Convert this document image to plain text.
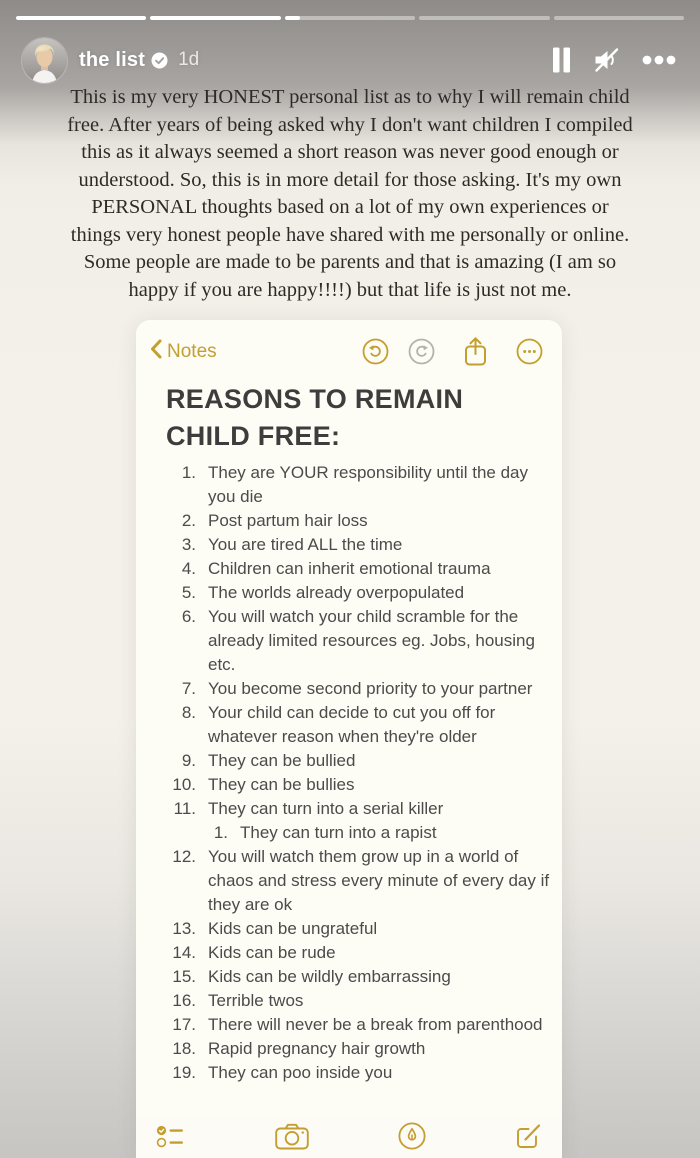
the list 1d
This is my very HONEST personal list as to why I will remain child free. After years of being asked why I don't want children I compiled this as it always seemed a short reason was never good enough or understood. So, this is in more detail for those asking. It's my own PERSONAL thoughts based on a lot of my own experiences or things very honest people have shared with me personally or online. Some people are made to be parents and that is amazing (I am so happy if you are happy!!!!) but that life is just not me.
Notes
REASONS TO REMAIN CHILD FREE:
1. They are YOUR responsibility until the day you die
2. Post partum hair loss
3. You are tired ALL the time
4. Children can inherit emotional trauma
5. The worlds already overpopulated
6. You will watch your child scramble for the already limited resources eg. Jobs, housing etc.
7. You become second priority to your partner
8. Your child can decide to cut you off for whatever reason when they're older
9. They can be bullied
10. They can be bullies
11. They can turn into a serial killer
1. They can turn into a rapist
12. You will watch them grow up in a world of chaos and stress every minute of every day if they are ok
13. Kids can be ungrateful
14. Kids can be rude
15. Kids can be wildly embarrassing
16. Terrible twos
17. There will never be a break from parenthood
18. Rapid pregnancy hair growth
19. They can poo inside you
